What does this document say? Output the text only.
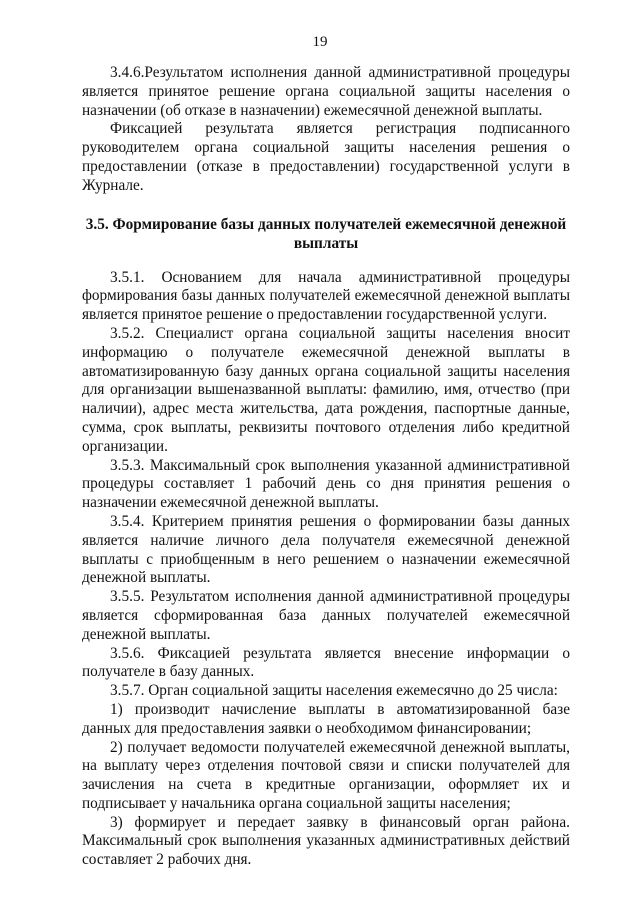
19

3.4.6.Результатом исполнения данной административной процедуры является принятое решение органа социальной защиты населения о назначении (об отказе в назначении) ежемесячной денежной выплаты.

Фиксацией результата является регистрация подписанного руководителем органа социальной защиты населения решения о предоставлении (отказе в предоставлении) государственной услуги в Журнале.

3.5. Формирование базы данных получателей ежемесячной денежной выплаты

3.5.1. Основанием для начала административной процедуры формирования базы данных получателей ежемесячной денежной выплаты является принятое решение о предоставлении государственной услуги.

3.5.2. Специалист органа социальной защиты населения вносит информацию о получателе ежемесячной денежной выплаты в автоматизированную базу данных органа социальной защиты населения для организации вышеназванной выплаты: фамилию, имя, отчество (при наличии), адрес места жительства, дата рождения, паспортные данные, сумма, срок выплаты, реквизиты почтового отделения либо кредитной организации.

3.5.3. Максимальный срок выполнения указанной административной процедуры составляет 1 рабочий день со дня принятия решения о назначении ежемесячной денежной выплаты.

3.5.4. Критерием принятия решения о формировании базы данных является наличие личного дела получателя ежемесячной денежной выплаты с приобщенным в него решением о назначении ежемесячной денежной выплаты.

3.5.5. Результатом исполнения данной административной процедуры является сформированная база данных получателей ежемесячной денежной выплаты.

3.5.6. Фиксацией результата является внесение информации о получателе в базу данных.

3.5.7. Орган социальной защиты населения ежемесячно до 25 числа:

1) производит начисление выплаты в автоматизированной базе данных для предоставления заявки о необходимом финансировании;

2) получает ведомости получателей ежемесячной денежной выплаты, на выплату через отделения почтовой связи и списки получателей для зачисления на счета в кредитные организации, оформляет их и подписывает у начальника органа социальной защиты населения;

3) формирует и передает заявку в финансовый орган района. Максимальный срок выполнения указанных административных действий составляет 2 рабочих дня.
